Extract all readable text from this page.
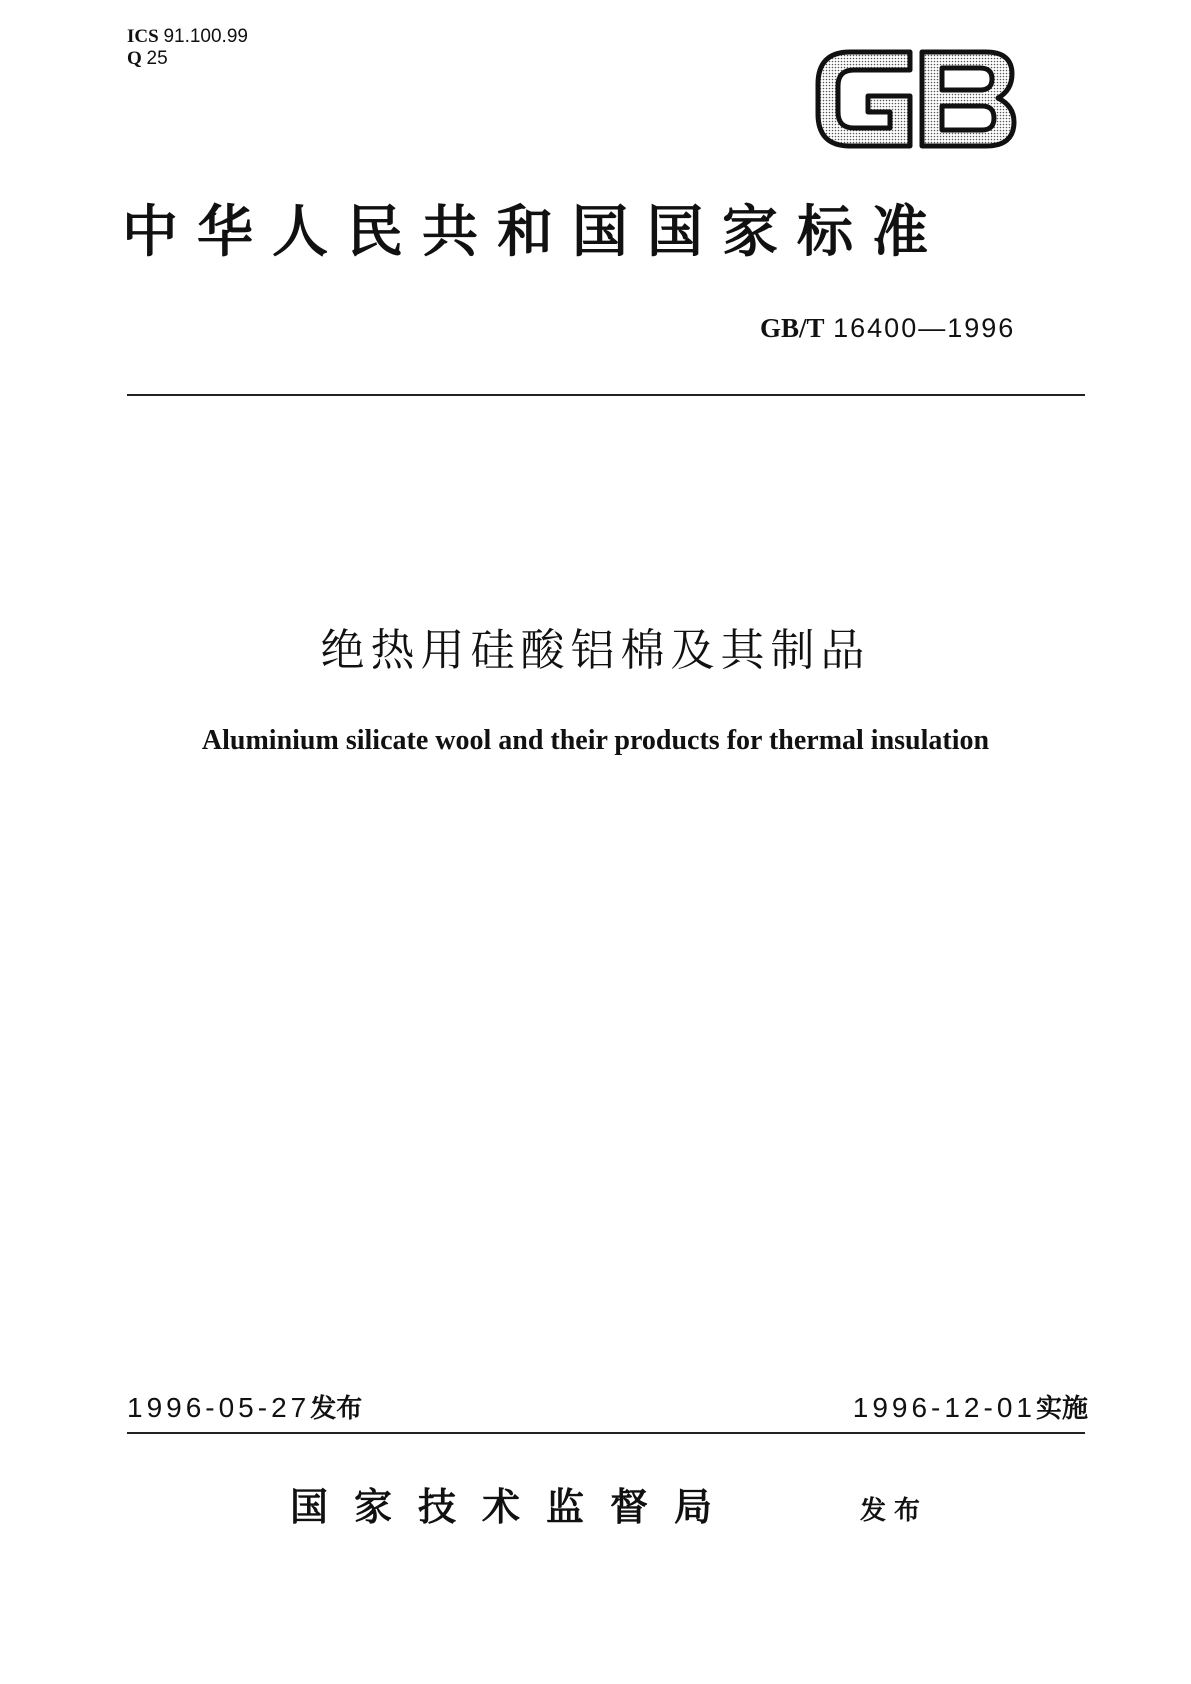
ICS 91.100.99
Q 25
中华人民共和国国家标准
GB/T 16400—1996
绝热用硅酸铝棉及其制品
Aluminium silicate wool and their products for thermal insulation
1996-05-27发布	1996-12-01实施
国家技术监督局	发布
